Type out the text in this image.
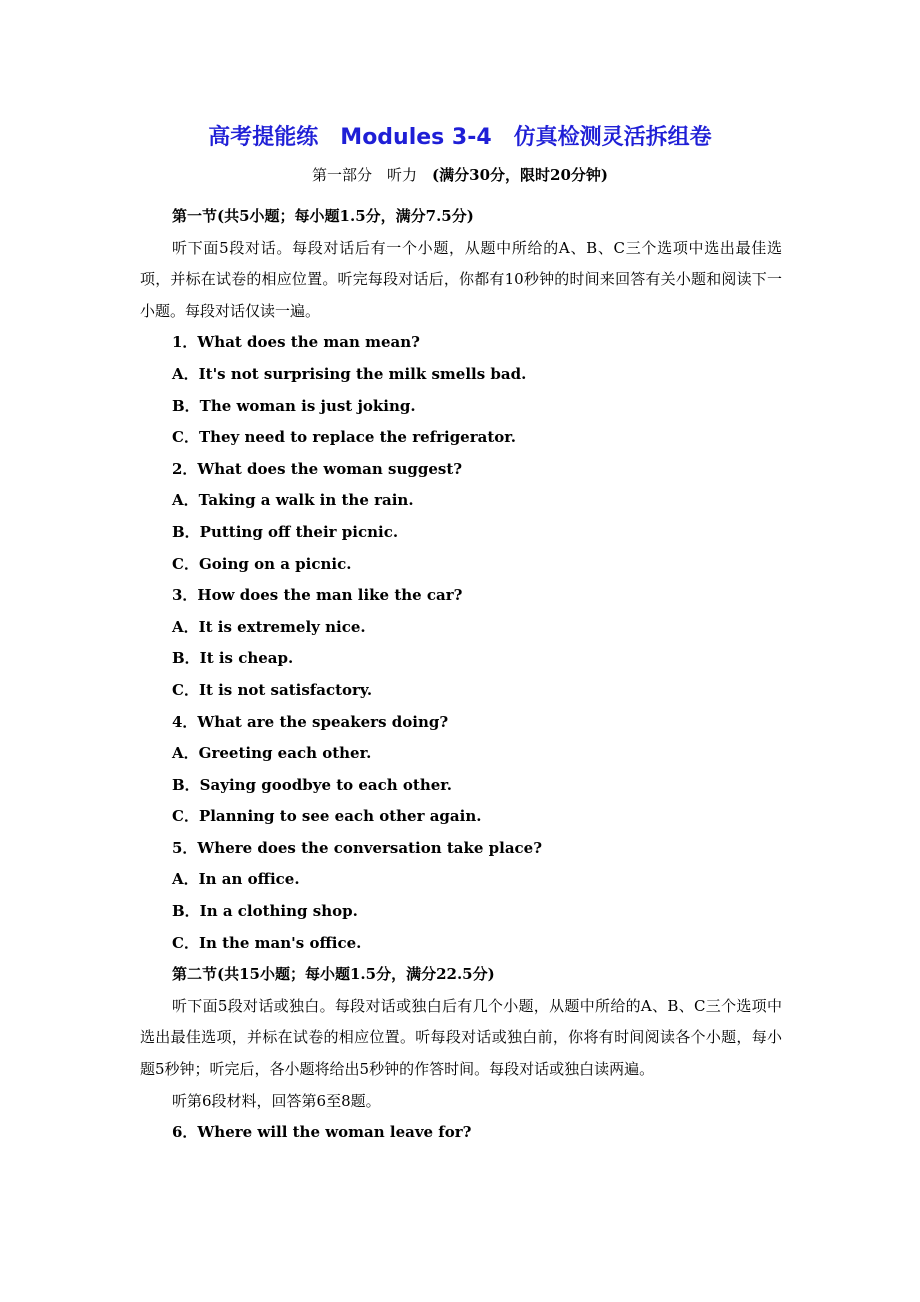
高考提能练　Modules 3-4　仿真检测灵活拆组卷
第一部分　听力　(满分30分，限时20分钟)
第一节(共5小题；每小题1.5分，满分7.5分)

听下面5段对话。每段对话后有一个小题，从题中所给的A、B、C三个选项中选出最佳选项，并标在试卷的相应位置。听完每段对话后，你都有10秒钟的时间来回答有关小题和阅读下一小题。每段对话仅读一遍。

1．What does the man mean?
A．It's not surprising the milk smells bad.
B．The woman is just joking.
C．They need to replace the refrigerator.
2．What does the woman suggest?
A．Taking a walk in the rain.
B．Putting off their picnic.
C．Going on a picnic.
3．How does the man like the car?
A．It is extremely nice.
B．It is cheap.
C．It is not satisfactory.
4．What are the speakers doing?
A．Greeting each other.
B．Saying goodbye to each other.
C．Planning to see each other again.
5．Where does the conversation take place?
A．In an office.
B．In a clothing shop.
C．In the man's office.
第二节(共15小题；每小题1.5分，满分22.5分)

听下面5段对话或独白。每段对话或独白后有几个小题，从题中所给的A、B、C三个选项中选出最佳选项，并标在试卷的相应位置。听每段对话或独白前，你将有时间阅读各个小题，每小题5秒钟；听完后，各小题将给出5秒钟的作答时间。每段对话或独白读两遍。

听第6段材料，回答第6至8题。
6．Where will the woman leave for?
